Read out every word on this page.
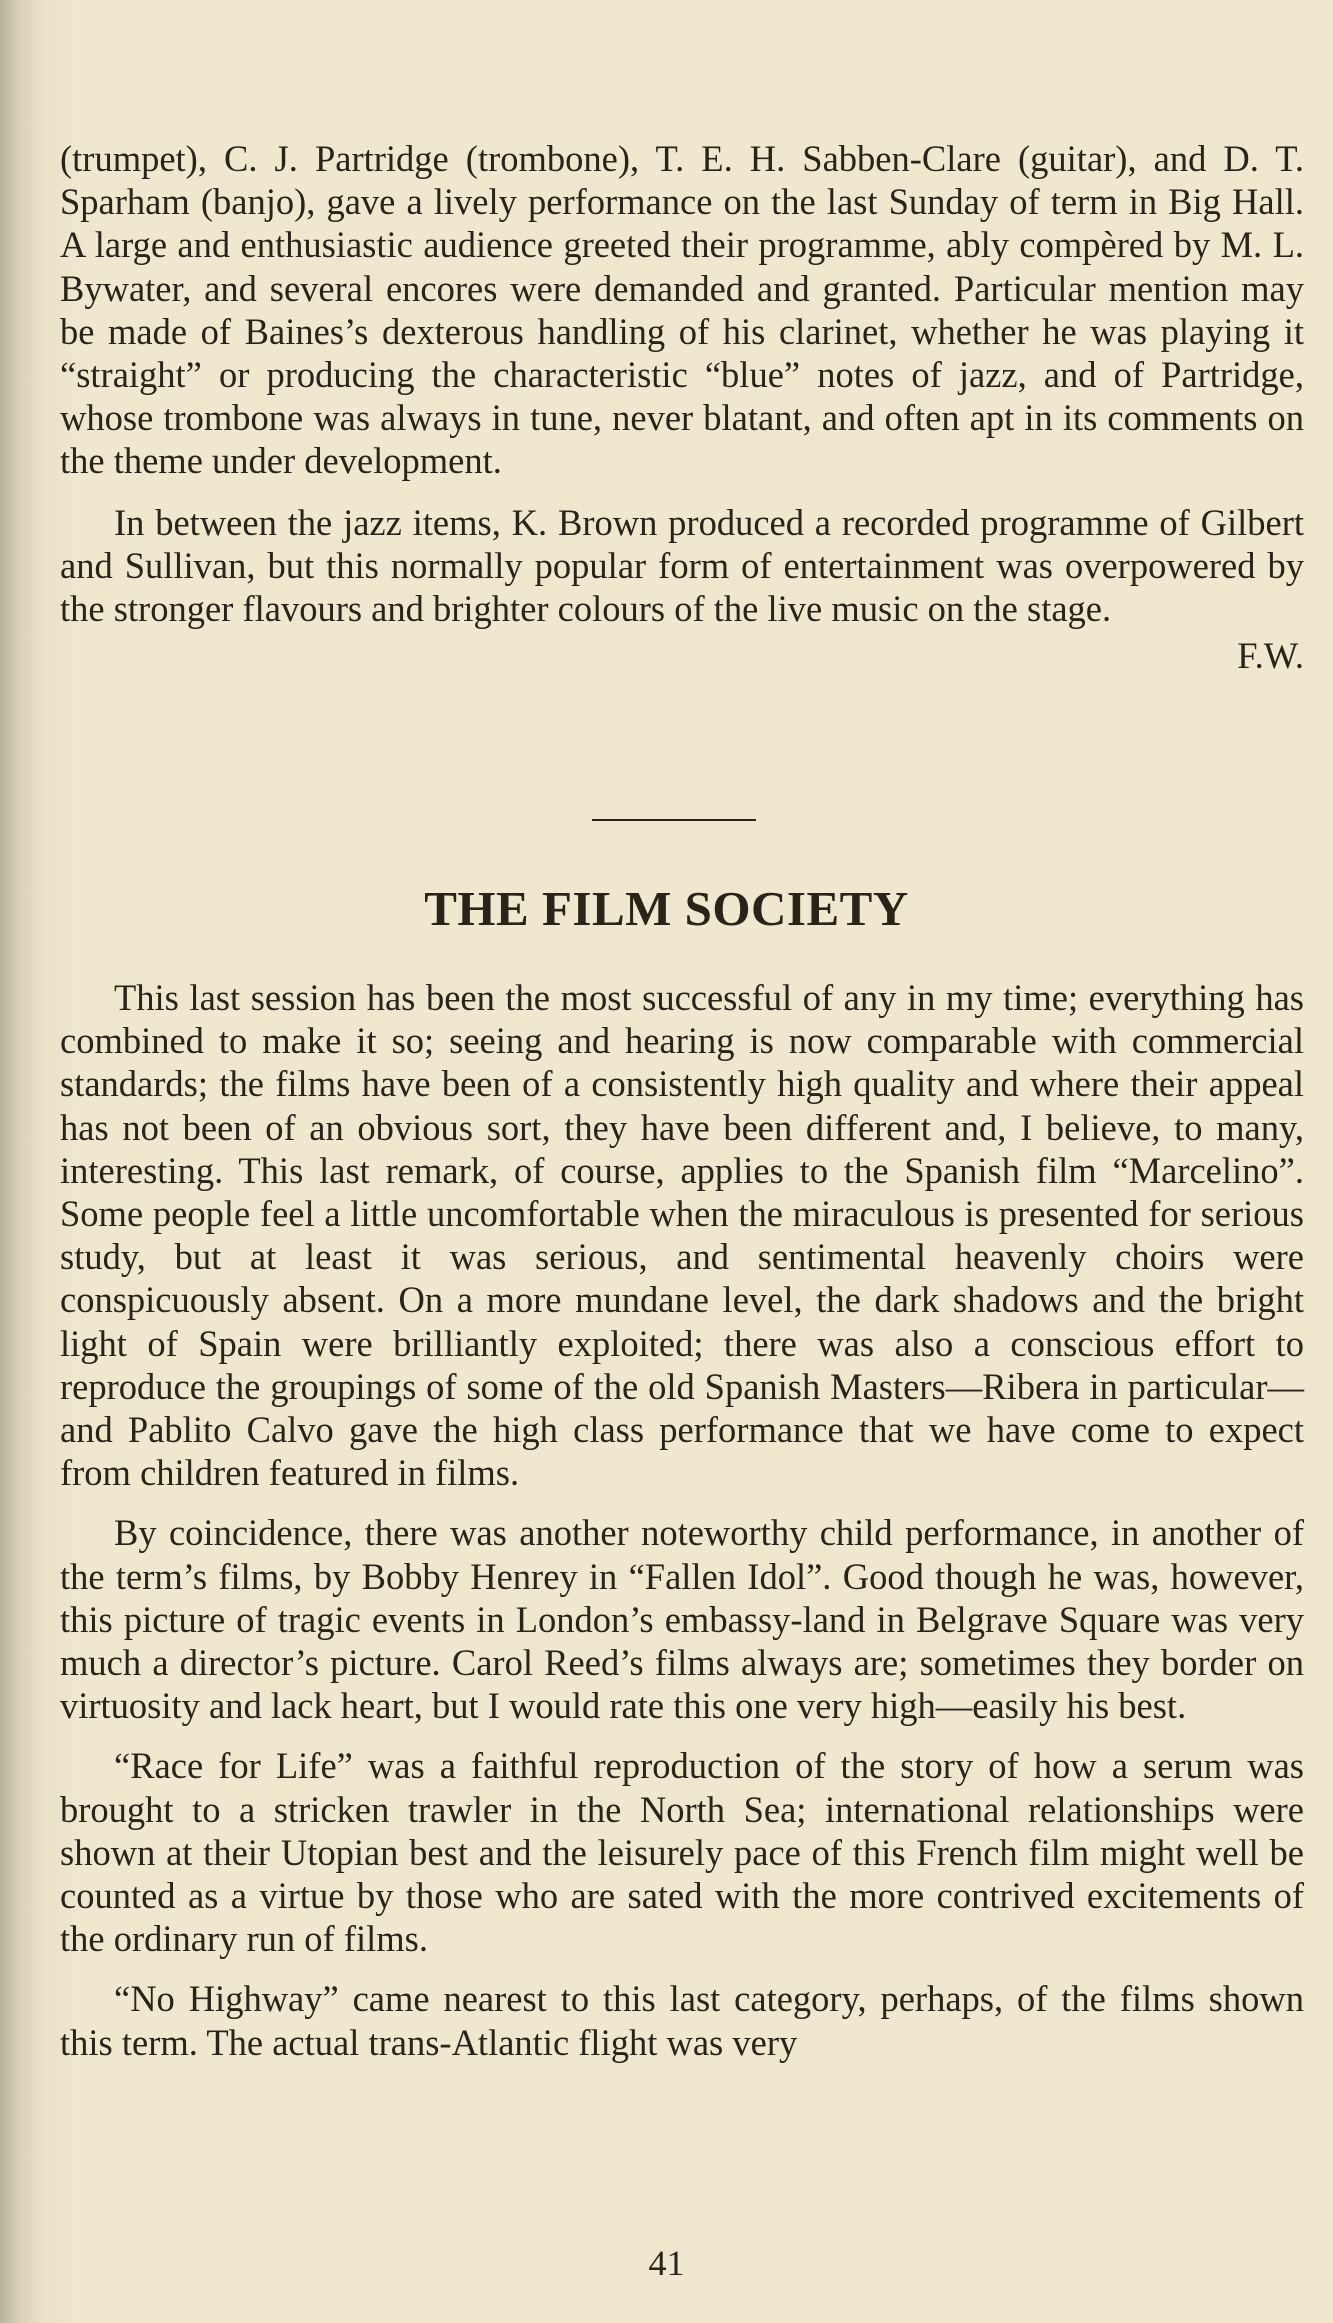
(trumpet), C. J. Partridge (trombone), T. E. H. Sabben-Clare (guitar), and D. T. Sparham (banjo), gave a lively performance on the last Sunday of term in Big Hall. A large and enthusiastic audience greeted their programme, ably compèred by M. L. Bywater, and several encores were demanded and granted. Particular mention may be made of Baines’s dexterous handling of his clarinet, whether he was playing it “straight” or producing the characteristic “blue” notes of jazz, and of Partridge, whose trombone was always in tune, never blatant, and often apt in its comments on the theme under development.

In between the jazz items, K. Brown produced a recorded programme of Gilbert and Sullivan, but this normally popular form of entertainment was overpowered by the stronger flavours and brighter colours of the live music on the stage.

F.W.
THE FILM SOCIETY

This last session has been the most successful of any in my time; everything has combined to make it so; seeing and hearing is now comparable with commercial standards; the films have been of a consistently high quality and where their appeal has not been of an obvious sort, they have been different and, I believe, to many, interesting. This last remark, of course, applies to the Spanish film “Marcelino”. Some people feel a little uncomfortable when the miraculous is presented for serious study, but at least it was serious, and sentimental heavenly choirs were conspicuously absent. On a more mundane level, the dark shadows and the bright light of Spain were brilliantly exploited; there was also a conscious effort to reproduce the groupings of some of the old Spanish Masters—Ribera in particular—and Pablito Calvo gave the high class performance that we have come to expect from children featured in films.

By coincidence, there was another noteworthy child performance, in another of the term’s films, by Bobby Henrey in “Fallen Idol”. Good though he was, however, this picture of tragic events in London’s embassy-land in Belgrave Square was very much a director’s picture. Carol Reed’s films always are; sometimes they border on virtuosity and lack heart, but I would rate this one very high—easily his best.

“Race for Life” was a faithful reproduction of the story of how a serum was brought to a stricken trawler in the North Sea; international relationships were shown at their Utopian best and the leisurely pace of this French film might well be counted as a virtue by those who are sated with the more contrived excitements of the ordinary run of films.

“No Highway” came nearest to this last category, perhaps, of the films shown this term. The actual trans-Atlantic flight was very

41
